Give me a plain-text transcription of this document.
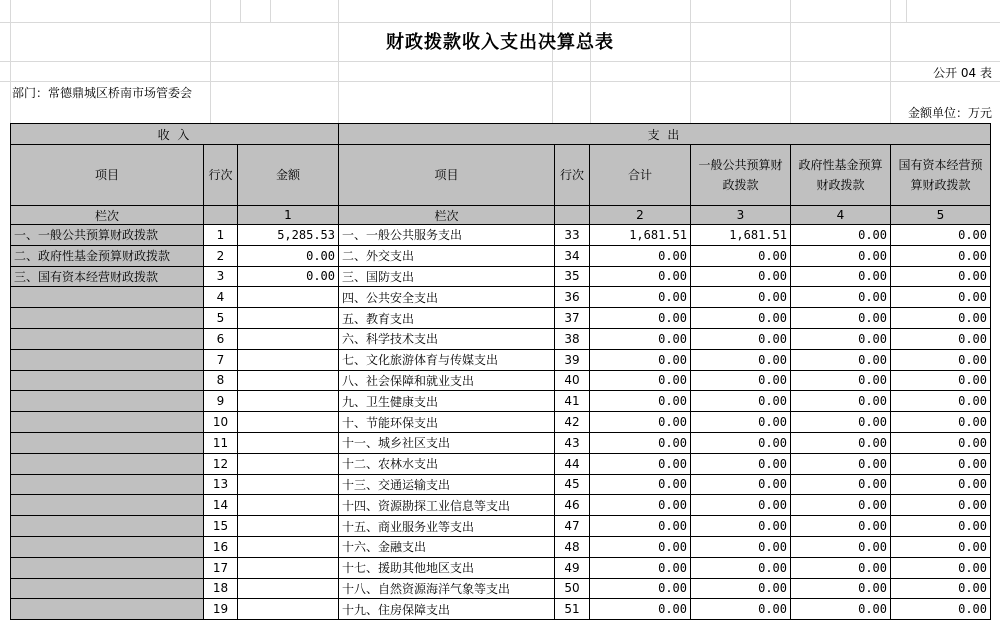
财政拨款收入支出决算总表
公开 04 表
部门：常德鼎城区桥南市场管委会
金额单位：万元
收 入			支 出					
项目	行次	金额	项目	行次	合计	一般公共预算财政拨款	政府性基金预算财政拨款	国有资本经营预算财政拨款
栏次		1	栏次		2	3	4	5
一、一般公共预算财政拨款	1	5,285.53	一、一般公共服务支出	33	1,681.51	1,681.51	0.00	0.00
二、政府性基金预算财政拨款	2	0.00	二、外交支出	34	0.00	0.00	0.00	0.00
三、国有资本经营财政拨款	3	0.00	三、国防支出	35	0.00	0.00	0.00	0.00
	4		四、公共安全支出	36	0.00	0.00	0.00	0.00
	5		五、教育支出	37	0.00	0.00	0.00	0.00
	6		六、科学技术支出	38	0.00	0.00	0.00	0.00
	7		七、文化旅游体育与传媒支出	39	0.00	0.00	0.00	0.00
	8		八、社会保障和就业支出	40	0.00	0.00	0.00	0.00
	9		九、卫生健康支出	41	0.00	0.00	0.00	0.00
	10		十、节能环保支出	42	0.00	0.00	0.00	0.00
	11		十一、城乡社区支出	43	0.00	0.00	0.00	0.00
	12		十二、农林水支出	44	0.00	0.00	0.00	0.00
	13		十三、交通运输支出	45	0.00	0.00	0.00	0.00
	14		十四、资源勘探工业信息等支出	46	0.00	0.00	0.00	0.00
	15		十五、商业服务业等支出	47	0.00	0.00	0.00	0.00
	16		十六、金融支出	48	0.00	0.00	0.00	0.00
	17		十七、援助其他地区支出	49	0.00	0.00	0.00	0.00
	18		十八、自然资源海洋气象等支出	50	0.00	0.00	0.00	0.00
	19		十九、住房保障支出	51	0.00	0.00	0.00	0.00
